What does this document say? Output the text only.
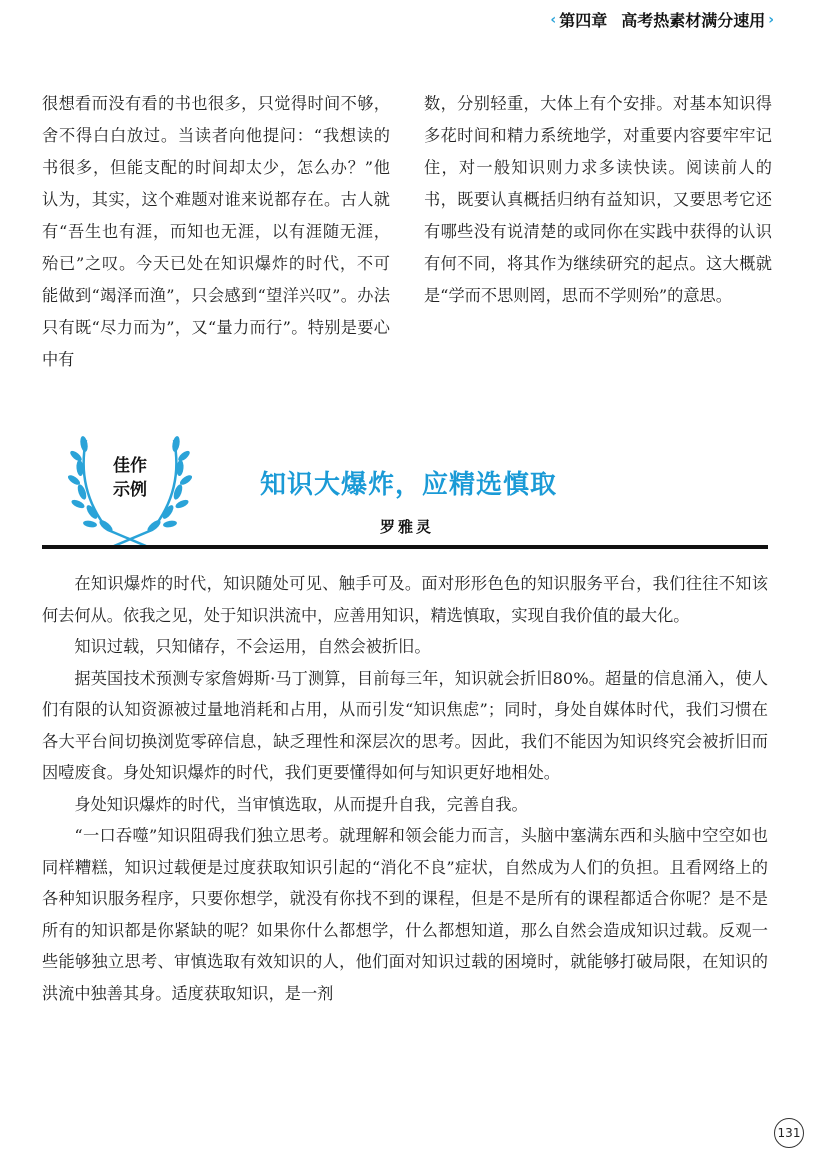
‹ 第四章 高考热素材满分速用 ›

很想看而没有看的书也很多，只觉得时间不够，舍不得白白放过。当读者向他提问：“我想读的书很多，但能支配的时间却太少，怎么办？”他认为，其实，这个难题对谁来说都存在。古人就有“吾生也有涯，而知也无涯，以有涯随无涯，殆已”之叹。今天已处在知识爆炸的时代，不可能做到“竭泽而渔”，只会感到“望洋兴叹”。办法只有既“尽力而为”，又“量力而行”。特别是要心中有

数，分别轻重，大体上有个安排。对基本知识得多花时间和精力系统地学，对重要内容要牢牢记住，对一般知识则力求多读快读。阅读前人的书，既要认真概括归纳有益知识，又要思考它还有哪些没有说清楚的或同你在实践中获得的认识有何不同，将其作为继续研究的起点。这大概就是“学而不思则罔，思而不学则殆”的意思。

佳作
示例	知识大爆炸，应精选慎取
罗雅灵

在知识爆炸的时代，知识随处可见、触手可及。面对形形色色的知识服务平台，我们往往不知该何去何从。依我之见，处于知识洪流中，应善用知识，精选慎取，实现自我价值的最大化。

知识过载，只知储存，不会运用，自然会被折旧。

据英国技术预测专家詹姆斯·马丁测算，目前每三年，知识就会折旧80%。超量的信息涌入，使人们有限的认知资源被过量地消耗和占用，从而引发“知识焦虑”；同时，身处自媒体时代，我们习惯在各大平台间切换浏览零碎信息，缺乏理性和深层次的思考。因此，我们不能因为知识终究会被折旧而因噎废食。身处知识爆炸的时代，我们更要懂得如何与知识更好地相处。

身处知识爆炸的时代，当审慎选取，从而提升自我，完善自我。

“一口吞噬”知识阻碍我们独立思考。就理解和领会能力而言，头脑中塞满东西和头脑中空空如也同样糟糕，知识过载便是过度获取知识引起的“消化不良”症状，自然成为人们的负担。且看网络上的各种知识服务程序，只要你想学，就没有你找不到的课程，但是不是所有的课程都适合你呢？是不是所有的知识都是你紧缺的呢？如果你什么都想学，什么都想知道，那么自然会造成知识过载。反观一些能够独立思考、审慎选取有效知识的人，他们面对知识过载的困境时，就能够打破局限，在知识的洪流中独善其身。适度获取知识，是一剂

131
